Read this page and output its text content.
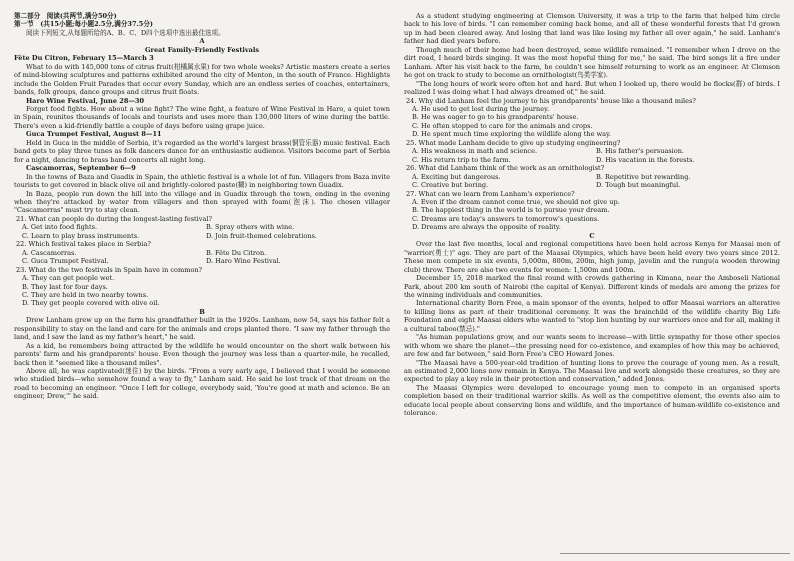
第二部分　阅读(共两节,满分50分)

第一节　(共15小题;每小题2.5分,满分37.5分)

阅读下列短文,从每题所给的A、B、C、D四个选项中选出最佳选项。

A

Great Family-Friendly Festivals

Fête Du Citron, February 15—March 3

What to do with 145,000 tons of citrus fruit(柑橘属水果) for two whole weeks? Artistic masters create a series of mind-blowing sculptures and patterns exhibited around the city of Menton, in the south of France. Highlights include the Golden Fruit Parades that occur every Sunday, which are an endless series of coaches, entertainers, bands, folk groups, dance groups and citrus fruit floats.

Haro Wine Festival, June 28—30

Forget food fights. How about a wine fight? The wine fight, a feature of Wine Festival in Haro, a quiet town in Spain, reunites thousands of locals and tourists and uses more than 130,000 liters of wine during the battle. There's even a kid-friendly battle a couple of days before using grape juice.

Guca Trumpet Festival, August 8—11

Held in Guca in the middle of Serbia, it's regarded as the world's largest brass(铜管乐器) music festival. Each band gets to play three tunes as folk dancers dance for an enthusiastic audience. Visitors become part of Serbia for a night, dancing to brass band concerts all night long.

Cascamorras, September 6—9

In the towns of Baza and Guadix in Spain, the athletic festival is a whole lot of fun. Villagers from Baza invite tourists to get covered in black olive oil and brightly-colored paste(糊) in neighboring town Guadix.

In Baza, people run down the hill into the village and in Guadix through the town, ending in the evening when they're attacked by water from villagers and then sprayed with foam(泡沫). The chosen villager "Cascamorras" must try to stay clean.

21. What can people do during the longest-lasting festival?

A. Get into food fights.	B. Spray others with wine.
C. Learn to play brass instruments.	D. Join fruit-themed celebrations.

22. Which festival takes place in Serbia?

A. Cascamorras.	B. Fête Du Citron.
C. Guca Trumpet Festival.	D. Haro Wine Festival.

23. What do the two festivals in Spain have in common?

A. They can get people wet.

B. They last for four days.

C. They are held in two nearby towns.

D. They get people covered with olive oil.

B

Drew Lanham grew up on the farm his grandfather built in the 1920s. Lanham, now 54, says his father felt a responsibility to stay on the land and care for the animals and crops planted there. "I saw my father through the land, and I saw the land as my father's heart," he said.

As a kid, he remembers being attracted by the wildlife he would encounter on the short walk between his parents' farm and his grandparents' house. Even though the journey was less than a quarter-mile, he recalled, back then it "seemed like a thousand miles".

Above all, he was captivated(迷住) by the birds. "From a very early age, I believed that I would be someone who studied birds—who somehow found a way to fly," Lanham said. He said he lost track of that dream on the road to becoming an engineer. "Once I left for college, everybody said, 'You're good at math and science. Be an engineer, Drew,'" he said.

As a student studying engineering at Clemson University, it was a trip to the farm that helped him circle back to his love of birds. "I can remember coming back home, and all of these wonderful forests that I'd grown up in had been cleared away. And losing that land was like losing my father all over again," he said. Lanham's father had died years before.

Though much of their home had been destroyed, some wildlife remained. "I remember when I drove on the dirt road, I heard birds singing. It was the most hopeful thing for me," he said. The bird songs lit a fire under Lanham. After his visit back to the farm, he couldn't see himself returning to work as an engineer. At Clemson he got on track to study to become an ornithologist(鸟类学家).

"The long hours of work were often hot and hard. But when I looked up, there would be flocks(群) of birds. I realized I was doing what I had always dreamed of," he said.

24. Why did Lanham feel the journey to his grandparents' house like a thousand miles?

A. He used to get lost during the journey.

B. He was eager to go to his grandparents' house.

C. He often stopped to care for the animals and crops.

D. He spent much time exploring the wildlife along the way.

25. What made Lanham decide to give up studying engineering?

A. His weakness in math and science.	B. His father's persuasion.
C. His return trip to the farm.	D. His vacation in the forests.

26. What did Lanham think of the work as an ornithologist?

A. Exciting but dangerous.	B. Repetitive but rewarding.
C. Creative but boring.	D. Tough but meaningful.

27. What can we learn from Lanham's experience?

A. Even if the dream cannot come true, we should not give up.

B. The happiest thing in the world is to pursue your dream.

C. Dreams are today's answers to tomorrow's questions.

D. Dreams are always the opposite of reality.

C

Over the last five months, local and regional competitions have been held across Kenya for Maasai men of "warrior(勇士)" age. They are part of the Maasai Olympics, which have been held every two years since 2012. These men compete in six events, 5,000m, 800m, 200m, high jump, javelin and the rungu(a wooden throwing club) throw. There are also two events for women: 1,500m and 100m.

December 15, 2018 marked the final round with crowds gathering in Kimana, near the Amboseli National Park, about 200 km south of Nairobi (the capital of Kenya). Different kinds of medals are among the prizes for the winning individuals and communities.

International charity Born Free, a main sponsor of the events, helped to offer Maasai warriors an alterative to killing lions as part of their traditional ceremony. It was the brainchild of the wildlife charity Big Life Foundation and eight Maasai elders who wanted to "stop lion hunting by our warriors once and for all, making it a cultural taboo(禁忌)."

"As human populations grow, and our wants seem to increase—with little sympathy for those other species with whom we share the planet—the pressing need for co-existence, and examples of how this may be achieved, are few and far between," said Born Free's CEO Howard Jones.

"The Maasai have a 500-year-old tradition of hunting lions to prove the courage of young men. As a result, an estimated 2,000 lions now remain in Kenya. The Maasai live and work alongside these creatures, so they are expected to play a key role in their protection and conservation," added Jones.

The Maasai Olympics were developed to encourage young men to compete in an organised sports completion based on their traditional warrior skills. As well as the competitive element, the events also aim to educate local people about conserving lions and wildlife, and the importance of human-wildlife co-existence and tolerance.
